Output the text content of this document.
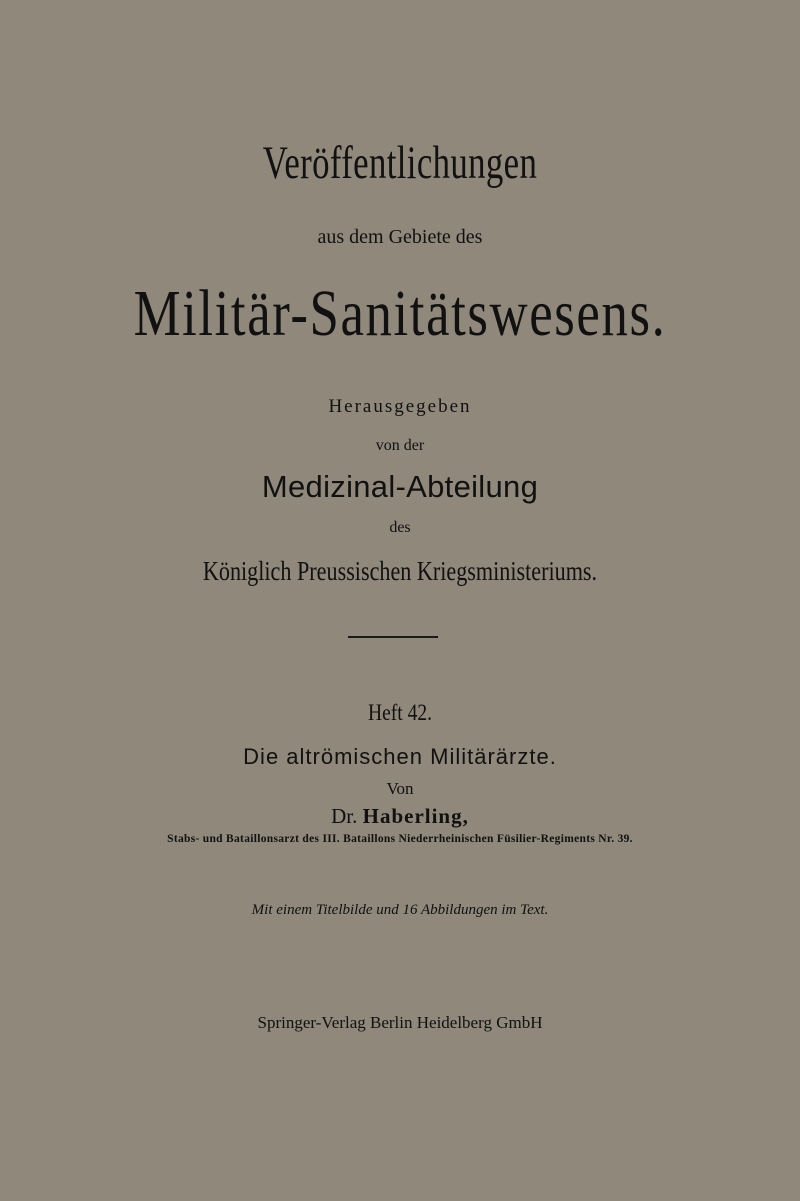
Veröffentlichungen
aus dem Gebiete des
Militär-Sanitätswesens.
Herausgegeben
von der
Medizinal-Abteilung
des
Königlich Preussischen Kriegsministeriums.
Heft 42.
Die altrömischen Militärärzte.
Von
Dr. Haberling,
Stabs- und Bataillonsarzt des III. Bataillons Niederrheinischen Füsilier-Regiments Nr. 39.
Mit einem Titelbilde und 16 Abbildungen im Text.
Springer-Verlag Berlin Heidelberg GmbH
